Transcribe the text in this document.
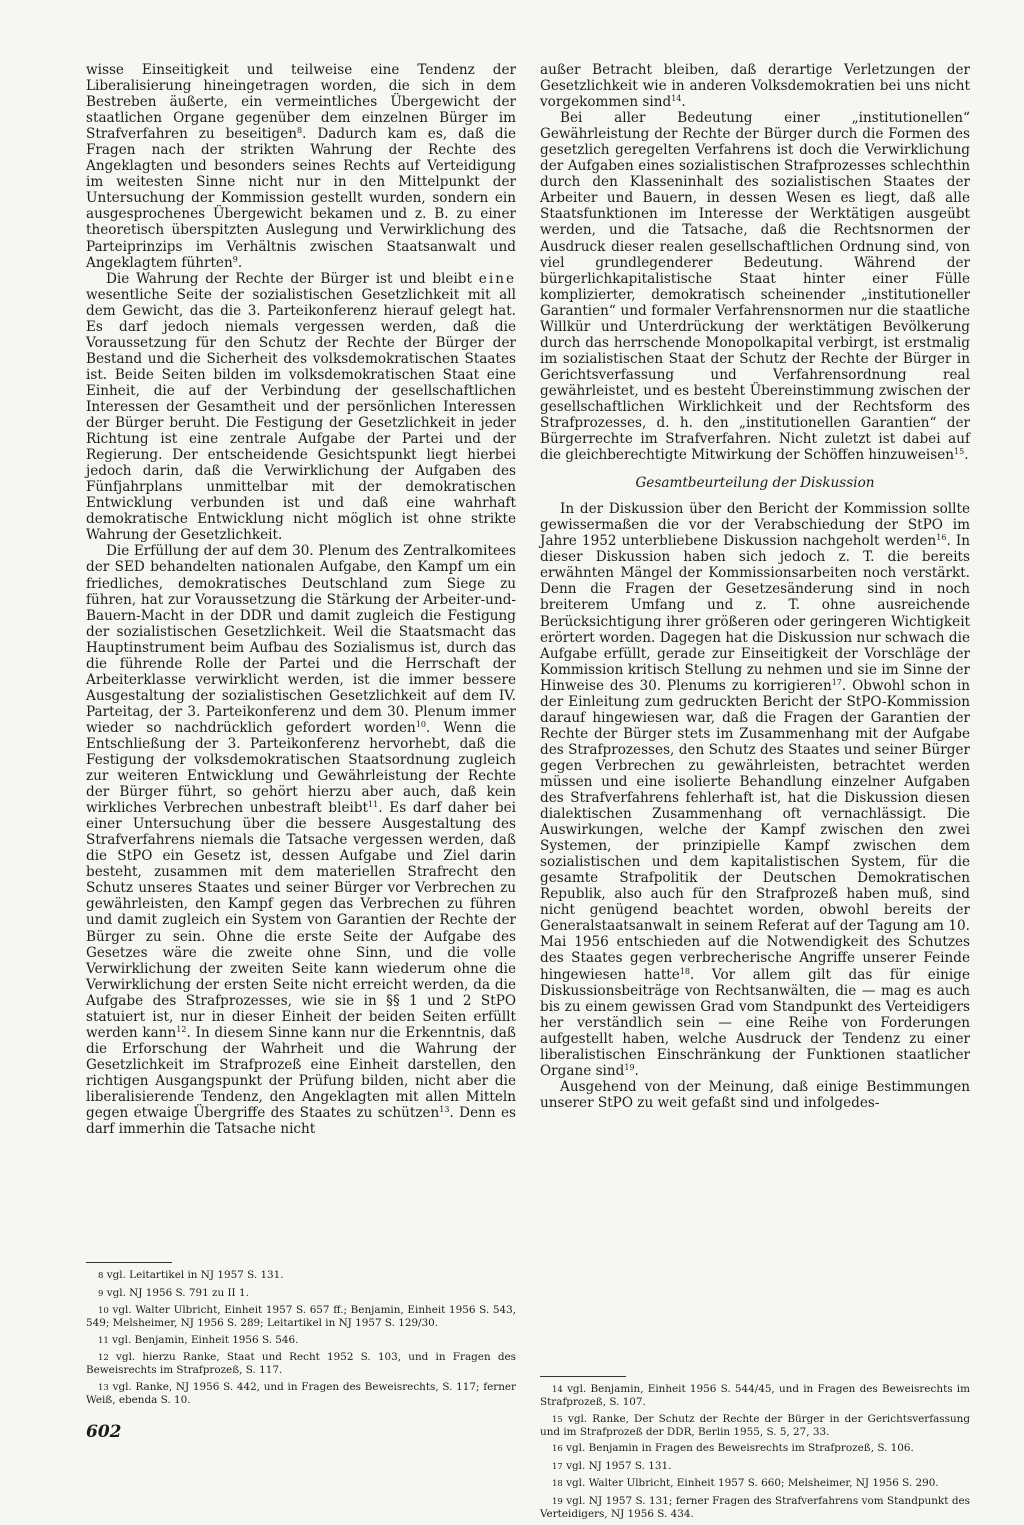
wisse Einseitigkeit und teilweise eine Tendenz der Liberalisierung hineingetragen worden, die sich in dem Bestreben äußerte, ein vermeintliches Übergewicht der staatlichen Organe gegenüber dem einzelnen Bürger im Strafverfahren zu beseitigen$^8$. Dadurch kam es, daß die Fragen nach der strikten Wahrung der Rechte des Angeklagten und besonders seines Rechts auf Verteidigung im weitesten Sinne nicht nur in den Mittelpunkt der Untersuchung der Kommission gestellt wurden, sondern ein ausgesprochenes Übergewicht bekamen und z. B. zu einer theoretisch überspitzten Auslegung und Verwirklichung des Parteiprinzips im Verhältnis zwischen Staatsanwalt und Angeklagtem führten$^9$.

Die Wahrung der Rechte der Bürger ist und bleibt eine wesentliche Seite der sozialistischen Gesetzlichkeit mit all dem Gewicht, das die 3. Parteikonferenz hierauf gelegt hat. Es darf jedoch niemals vergessen werden, daß die Voraussetzung für den Schutz der Rechte der Bürger der Bestand und die Sicherheit des volksdemokratischen Staates ist. Beide Seiten bilden im volksdemokratischen Staat eine Einheit, die auf der Verbindung der gesellschaftlichen Interessen der Gesamtheit und der persönlichen Interessen der Bürger beruht. Die Festigung der Gesetzlichkeit in jeder Richtung ist eine zentrale Aufgabe der Partei und der Regierung. Der entscheidende Gesichtspunkt liegt hierbei jedoch darin, daß die Verwirklichung der Aufgaben des Fünfjahrplans unmittelbar mit der demokratischen Entwicklung verbunden ist und daß eine wahrhaft demokratische Entwicklung nicht möglich ist ohne strikte Wahrung der Gesetzlichkeit.

Die Erfüllung der auf dem 30. Plenum des Zentralkomitees der SED behandelten nationalen Aufgabe, den Kampf um ein friedliches, demokratisches Deutschland zum Siege zu führen, hat zur Voraussetzung die Stärkung der Arbeiter-und-Bauern-Macht in der DDR und damit zugleich die Festigung der sozialistischen Gesetzlichkeit. Weil die Staatsmacht das Hauptinstrument beim Aufbau des Sozialismus ist, durch das die führende Rolle der Partei und die Herrschaft der Arbeiterklasse verwirklicht werden, ist die immer bessere Ausgestaltung der sozialistischen Gesetzlichkeit auf dem IV. Parteitag, der 3. Parteikonferenz und dem 30. Plenum immer wieder so nachdrücklich gefordert worden$^{10}$. Wenn die Entschließung der 3. Parteikonferenz hervorhebt, daß die Festigung der volksdemokratischen Staatsordnung zugleich zur weiteren Entwicklung und Gewährleistung der Rechte der Bürger führt, so gehört hierzu aber auch, daß kein wirkliches Verbrechen unbestraft bleibt$^{11}$. Es darf daher bei einer Untersuchung über die bessere Ausgestaltung des Strafverfahrens niemals die Tatsache vergessen werden, daß die StPO ein Gesetz ist, dessen Aufgabe und Ziel darin besteht, zusammen mit dem materiellen Strafrecht den Schutz unseres Staates und seiner Bürger vor Verbrechen zu gewährleisten, den Kampf gegen das Verbrechen zu führen und damit zugleich ein System von Garantien der Rechte der Bürger zu sein. Ohne die erste Seite der Aufgabe des Gesetzes wäre die zweite ohne Sinn, und die volle Verwirklichung der zweiten Seite kann wiederum ohne die Verwirklichung der ersten Seite nicht erreicht werden, da die Aufgabe des Strafprozesses, wie sie in §§ 1 und 2 StPO statuiert ist, nur in dieser Einheit der beiden Seiten erfüllt werden kann$^{12}$. In diesem Sinne kann nur die Erkenntnis, daß die Erforschung der Wahrheit und die Wahrung der Gesetzlichkeit im Strafprozeß eine Einheit darstellen, den richtigen Ausgangspunkt der Prüfung bilden, nicht aber die liberalisierende Tendenz, den Angeklagten mit allen Mitteln gegen etwaige Übergriffe des Staates zu schützen$^{13}$. Denn es darf immerhin die Tatsache nicht

8 vgl. Leitartikel in NJ 1957 S. 131.

9 vgl. NJ 1956 S. 791 zu II 1.

10 vgl. Walter Ulbricht, Einheit 1957 S. 657 ff.; Benjamin, Einheit 1956 S. 543, 549; Melsheimer, NJ 1956 S. 289; Leitartikel in NJ 1957 S. 129/30.

11 vgl. Benjamin, Einheit 1956 S. 546.

12 vgl. hierzu Ranke, Staat und Recht 1952 S. 103, und in Fragen des Beweisrechts im Strafprozeß, S. 117.

13 vgl. Ranke, NJ 1956 S. 442, und in Fragen des Beweisrechts, S. 117; ferner Weiß, ebenda S. 10.

außer Betracht bleiben, daß derartige Verletzungen der Gesetzlichkeit wie in anderen Volksdemokratien bei uns nicht vorgekommen sind$^{14}$.

Bei aller Bedeutung einer „institutionellen“ Gewährleistung der Rechte der Bürger durch die Formen des gesetzlich geregelten Verfahrens ist doch die Verwirklichung der Aufgaben eines sozialistischen Strafprozesses schlechthin durch den Klasseninhalt des sozialistischen Staates der Arbeiter und Bauern, in dessen Wesen es liegt, daß alle Staatsfunktionen im Interesse der Werktätigen ausgeübt werden, und die Tatsache, daß die Rechtsnormen der Ausdruck dieser realen gesellschaftlichen Ordnung sind, von viel grundlegenderer Bedeutung. Während der bürgerlichkapitalistische Staat hinter einer Fülle komplizierter, demokratisch scheinender „institutioneller Garantien“ und formaler Verfahrensnormen nur die staatliche Willkür und Unterdrückung der werktätigen Bevölkerung durch das herrschende Monopolkapital verbirgt, ist erstmalig im sozialistischen Staat der Schutz der Rechte der Bürger in Gerichtsverfassung und Verfahrensordnung real gewährleistet, und es besteht Übereinstimmung zwischen der gesellschaftlichen Wirklichkeit und der Rechtsform des Strafprozesses, d. h. den „institutionellen Garantien“ der Bürgerrechte im Strafverfahren. Nicht zuletzt ist dabei auf die gleichberechtigte Mitwirkung der Schöffen hinzuweisen$^{15}$.

Gesamtbeurteilung der Diskussion

In der Diskussion über den Bericht der Kommission sollte gewissermaßen die vor der Verabschiedung der StPO im Jahre 1952 unterbliebene Diskussion nachgeholt werden$^{16}$. In dieser Diskussion haben sich jedoch z. T. die bereits erwähnten Mängel der Kommissionsarbeiten noch verstärkt. Denn die Fragen der Gesetzesänderung sind in noch breiterem Umfang und z. T. ohne ausreichende Berücksichtigung ihrer größeren oder geringeren Wichtigkeit erörtert worden. Dagegen hat die Diskussion nur schwach die Aufgabe erfüllt, gerade zur Einseitigkeit der Vorschläge der Kommission kritisch Stellung zu nehmen und sie im Sinne der Hinweise des 30. Plenums zu korrigieren$^{17}$. Obwohl schon in der Einleitung zum gedruckten Bericht der StPO-Kommission darauf hingewiesen war, daß die Fragen der Garantien der Rechte der Bürger stets im Zusammenhang mit der Aufgabe des Strafprozesses, den Schutz des Staates und seiner Bürger gegen Verbrechen zu gewährleisten, betrachtet werden müssen und eine isolierte Behandlung einzelner Aufgaben des Strafverfahrens fehlerhaft ist, hat die Diskussion diesen dialektischen Zusammenhang oft vernachlässigt. Die Auswirkungen, welche der Kampf zwischen den zwei Systemen, der prinzipielle Kampf zwischen dem sozialistischen und dem kapitalistischen System, für die gesamte Strafpolitik der Deutschen Demokratischen Republik, also auch für den Strafprozeß haben muß, sind nicht genügend beachtet worden, obwohl bereits der Generalstaatsanwalt in seinem Referat auf der Tagung am 10. Mai 1956 entschieden auf die Notwendigkeit des Schutzes des Staates gegen verbrecherische Angriffe unserer Feinde hingewiesen hatte$^{18}$. Vor allem gilt das für einige Diskussionsbeiträge von Rechtsanwälten, die — mag es auch bis zu einem gewissen Grad vom Standpunkt des Verteidigers her verständlich sein — eine Reihe von Forderungen aufgestellt haben, welche Ausdruck der Tendenz zu einer liberalistischen Einschränkung der Funktionen staatlicher Organe sind$^{19}$.

Ausgehend von der Meinung, daß einige Bestimmungen unserer StPO zu weit gefaßt sind und infolgedes-

14 vgl. Benjamin, Einheit 1956 S. 544/45, und in Fragen des Beweisrechts im Strafprozeß, S. 107.

15 vgl. Ranke, Der Schutz der Rechte der Bürger in der Gerichtsverfassung und im Strafprozeß der DDR, Berlin 1955, S. 5, 27, 33.

16 vgl. Benjamin in Fragen des Beweisrechts im Strafprozeß, S. 106.

17 vgl. NJ 1957 S. 131.

18 vgl. Walter Ulbricht, Einheit 1957 S. 660; Melsheimer, NJ 1956 S. 290.

19 vgl. NJ 1957 S. 131; ferner Fragen des Strafverfahrens vom Standpunkt des Verteidigers, NJ 1956 S. 434.

602
